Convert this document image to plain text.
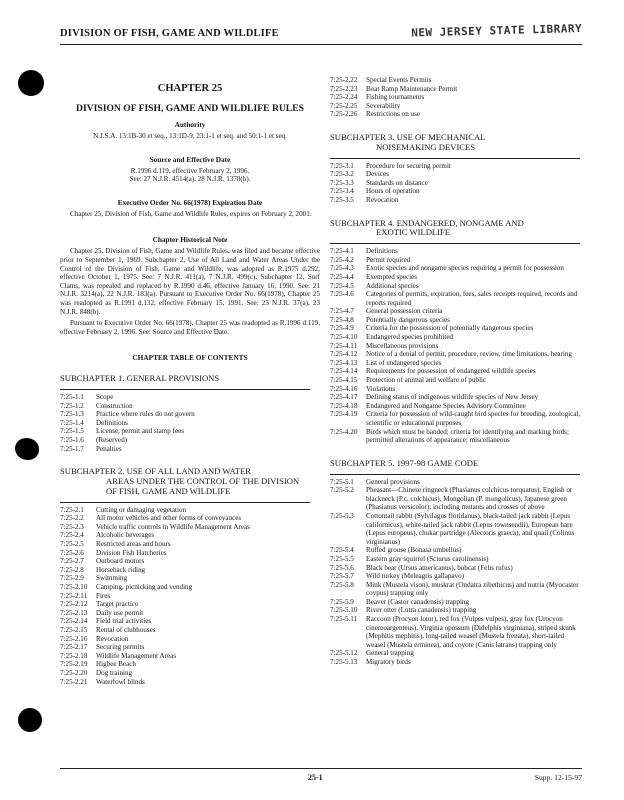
DIVISION OF FISH, GAME AND WILDLIFE	NEW JERSEY STATE LIBRARY
CHAPTER 25
DIVISION OF FISH, GAME AND WILDLIFE RULES
Authority
N.J.S.A. 13:1B-30 et seq., 13:1D-9, 23:1-1 et seq. and 50:1-1 et seq.
Source and Effective Date
R.1996 d.119, effective February 2, 1996.
See: 27 N.J.R. 4514(a), 28 N.J.R. 1378(b).
Executive Order No. 66(1978) Expiration Date

Chapter 25, Division of Fish, Game and Wildlife Rules, expires on February 2, 2001.

Chapter Historical Note

Chapter 25, Division of Fish, Game and Wildlife Rules, was filed and became effective prior to September 1, 1969. Subchapter 2, Use of All Land and Water Areas Under the Control of the Division of Fish, Game and Wildlife, was adopted as R.1975 d.292, effective October 1, 1975. See: 7 N.J.R. 411(a), 7 N.J.R. 499(c). Subchapter 12, Surf Clams, was repealed and replaced by R.1990 d.46, effective January 16, 1990. See: 21 N.J.R. 3214(a), 22 N.J.R. 183(a). Pursuant to Executive Order No. 66(1978), Chapter 25 was readopted as R.1991 d.132, effective February 15, 1991. See: 23 N.J.R. 37(a), 23 N.J.R. 848(b).

Pursuant to Executive Order No. 66(1978), Chapter 25 was readopted as R.1996 d.119, effective February 2, 1996. See: Source and Effective Date.

CHAPTER TABLE OF CONTENTS
SUBCHAPTER 1. GENERAL PROVISIONS
7:25-1.1	Scope
7:25-1.2	Construction
7:25-1.3	Practice where rules do not govern
7:25-1.4	Definitions
7:25-1.5	License, permit and stamp fees
7:25-1.6	(Reserved)
7:25-1.7	Penalties
SUBCHAPTER 2. USE OF ALL LAND AND WATER
AREAS UNDER THE CONTROL OF THE DIVISION OF FISH, GAME AND WILDLIFE
7:25-2.1	Cutting or damaging vegetation
7:25-2.2	All motor vehicles and other forms of conveyances
7:25-2.3	Vehicle traffic controls in Wildlife Management Areas
7:25-2.4	Alcoholic beverages
7:25-2.5	Restricted areas and hours
7:25-2.6	Division Fish Hatcheries
7:25-2.7	Outboard motors
7:25-2.8	Horseback riding
7:25-2.9	Swimming
7:25-2.10	Camping, picnicking and vending
7:25-2.11	Fires
7:25-2.12	Target practice
7:25-2.13	Daily use permit
7:25-2.14	Field trial activities
7:25-2.15	Rental of clubhouses
7:25-2.16	Revocation
7:25-2.17	Securing permits
7:25-2.18	Wildlife Management Areas
7:25-2.19	Higbee Beach
7:25-2.20	Dog training
7:25-2.21	Waterfowl blinds
7:25-2.22	Special Events Permits
7:25-2.23	Boat Ramp Maintenance Permit
7:25-2.24	Fishing tournaments
7:25-2.25	Severability
7:25-2.26	Restrictions on use
SUBCHAPTER 3. USE OF MECHANICAL
NOISEMAKING DEVICES
7:25-3.1	Procedure for securing permit
7:25-3.2	Devices
7:25-3.3	Standards on distance
7:25-3.4	Hours of operation
7:25-3.5	Revocation
SUBCHAPTER 4. ENDANGERED, NONGAME AND
EXOTIC WILDLIFE
7:25-4.1	Definitions
7:25-4.2	Permit required
7:25-4.3	Exotic species and nongame species requiring a permit for possession
7:25-4.4	Exempted species
7:25-4.5	Additional species
7:25-4.6	Categories of permits, expiration, fees, sales receipts required, records and reports required
7:25-4.7	General possession criteria
7:25-4.8	Potentially dangerous species
7:25-4.9	Criteria for the possession of potentially dangerous species
7:25-4.10	Endangered species prohibited
7:25-4.11	Miscellaneous provisions
7:25-4.12	Notice of a denial of permit, procedure, review, time limitations, hearing
7:25-4.13	List of endangered species
7:25-4.14	Requirements for possession of endangered wildlife species
7:25-4.15	Protection of animal and welfare of public
7:25-4.16	Violations
7:25-4.17	Defining status of indigenous wildlife species of New Jersey
7:25-4.18	Endangered and Nongame Species Advisory Committee
7:25-4.19	Criteria for possession of wild-caught bird species for breeding, zoological, scientific or educational purposes
7:25-4.20	Birds which must be banded; criteria for identifying and marking birds; permitted alterations of appearance; miscellaneous
SUBCHAPTER 5. 1997-98 GAME CODE
7:25-5.1	General provisions
7:25-5.2	Pheasant—Chinese ringneck (Phasianus colchicus torquatus), English or blackneck (P.c. colchicus), Mongolian (P. mongolicus), Japanese green (Phasianus versicolor); including mutants and crosses of above
7:25-5.3	Cottontail rabbit (Sylvilagus floridanus), black-tailed jack rabbit (Lepus californicus), white-tailed jack rabbit (Lepus townsendii), European hare (Lepus europeus), chukar partridge (Alectoris graeca), and quail (Colinus virginianus)
7:25-5.4	Ruffed grouse (Bonasa umbellus)
7:25-5.5	Eastern gray squirrel (Sciurus carolinensis)
7:25-5.6	Black bear (Ursus americanus), bobcat (Felis rufus)
7:25-5.7	Wild turkey (Meleagris gallapavo)
7:25-5.8	Mink (Mustela vison), muskrat (Ondatra zibethicus) and nutria (Myocaster coypus) trapping only
7:25-5.9	Beaver (Castor canadensis) trapping
7:25-5.10	River otter (Lutra canadensis) trapping
7:25-5.11	Raccoon (Procyon lotor), red fox (Vulpes vulpes), gray fox (Urocyon cinereoargenteus), Virginia opossum (Didelphis virginiana), striped skunk (Mephitis mephitis), long-tailed weasel (Mustela frenata), short-tailed weasel (Mustela erminea), and coyote (Canis latrans) trapping only
7:25-5.12	General trapping
7:25-5.13	Migratory birds
25-1	Supp. 12-15-97
